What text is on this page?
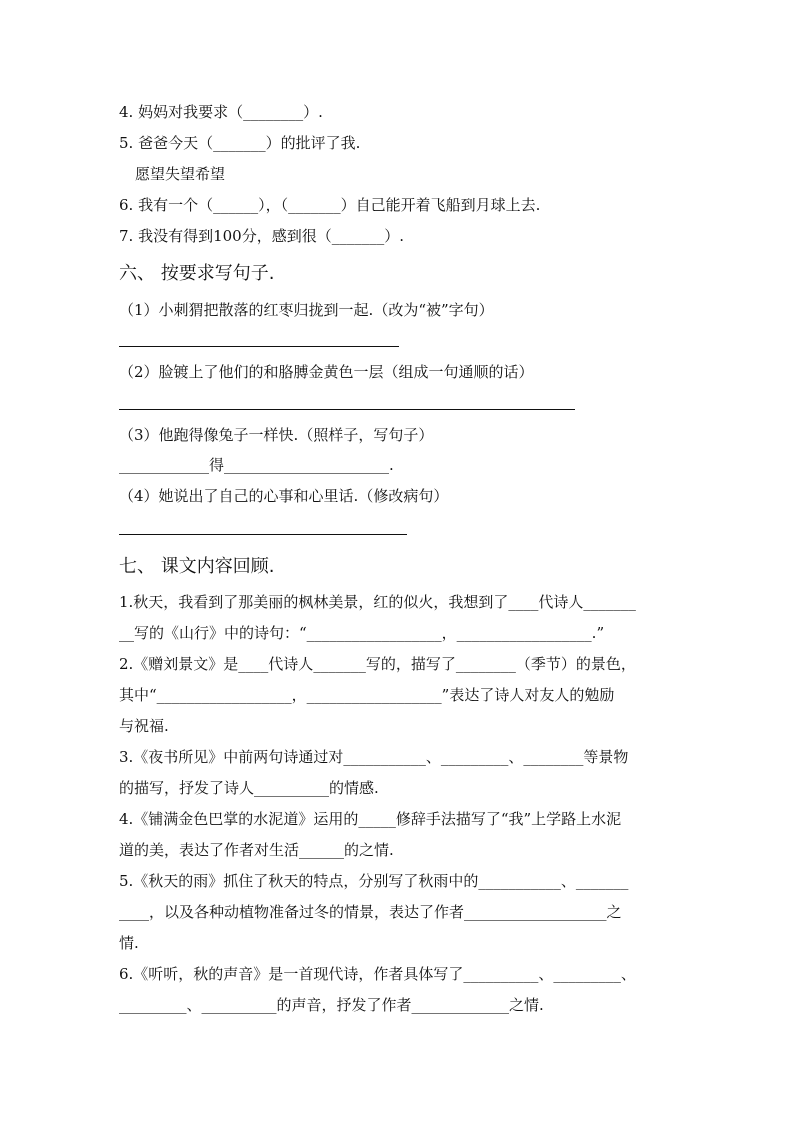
4. 妈妈对我要求（________）.
5. 爸爸今天（_______）的批评了我.
愿望失望希望
6. 我有一个（______），（_______）自己能开着飞船到月球上去.
7. 我没有得到100分，感到很（_______）.
六、 按要求写句子.
（1）小刺猬把散落的红枣归拢到一起.（改为“被”字句）
（2）脸镀上了他们的和胳膊金黄色一层（组成一句通顺的话）
（3）他跑得像兔子一样快.（照样子，写句子）
____________得______________________.
（4）她说出了自己的心事和心里话.（修改病句）
七、 课文内容回顾.
1.秋天，我看到了那美丽的枫林美景，红的似火，我想到了____代诗人_______
__写的《山行》中的诗句：“__________________，__________________.”
2.《赠刘景文》是____代诗人_______写的，描写了________（季节）的景色，
其中“__________________，__________________”表达了诗人对友人的勉励
与祝福.
3.《夜书所见》中前两句诗通过对___________、_________、________等景物
的描写，抒发了诗人__________的情感.
4.《铺满金色巴掌的水泥道》运用的_____修辞手法描写了“我”上学路上水泥
道的美，表达了作者对生活______的之情.
5.《秋天的雨》抓住了秋天的特点，分别写了秋雨中的___________、_______
____，以及各种动植物准备过冬的情景，表达了作者___________________之
情.
6.《听听，秋的声音》是一首现代诗，作者具体写了__________、_________、
_________、__________的声音，抒发了作者_____________之情.
